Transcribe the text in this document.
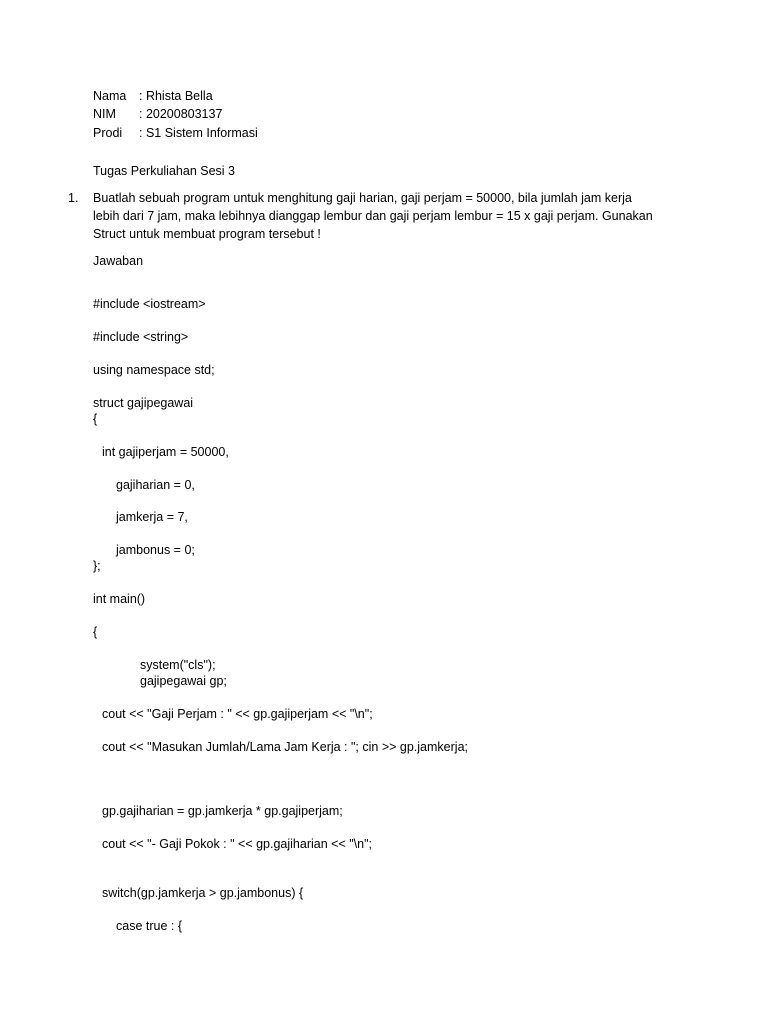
Nama : Rhista Bella
NIM : 20200803137
Prodi : S1 Sistem Informasi
Tugas Perkuliahan Sesi 3
1. Buatlah sebuah program untuk menghitung gaji harian, gaji perjam = 50000, bila jumlah jam kerja
lebih dari 7 jam, maka lebihnya dianggap lembur dan gaji perjam lembur = 15 x gaji perjam. Gunakan
Struct untuk membuat program tersebut !
Jawaban
#include <iostream>
#include <string>
using namespace std;
struct gajipegawai
{
int gajiperjam = 50000,
gajiharian = 0,
jamkerja = 7,
jambonus = 0;
};
int main()
{
system("cls");
gajipegawai gp;
cout << "Gaji Perjam : " << gp.gajiperjam << "\n";
cout << "Masukan Jumlah/Lama Jam Kerja : "; cin >> gp.jamkerja;
gp.gajiharian = gp.jamkerja * gp.gajiperjam;
cout << "- Gaji Pokok : " << gp.gajiharian << "\n";
switch(gp.jamkerja > gp.jambonus) {
case true : {
